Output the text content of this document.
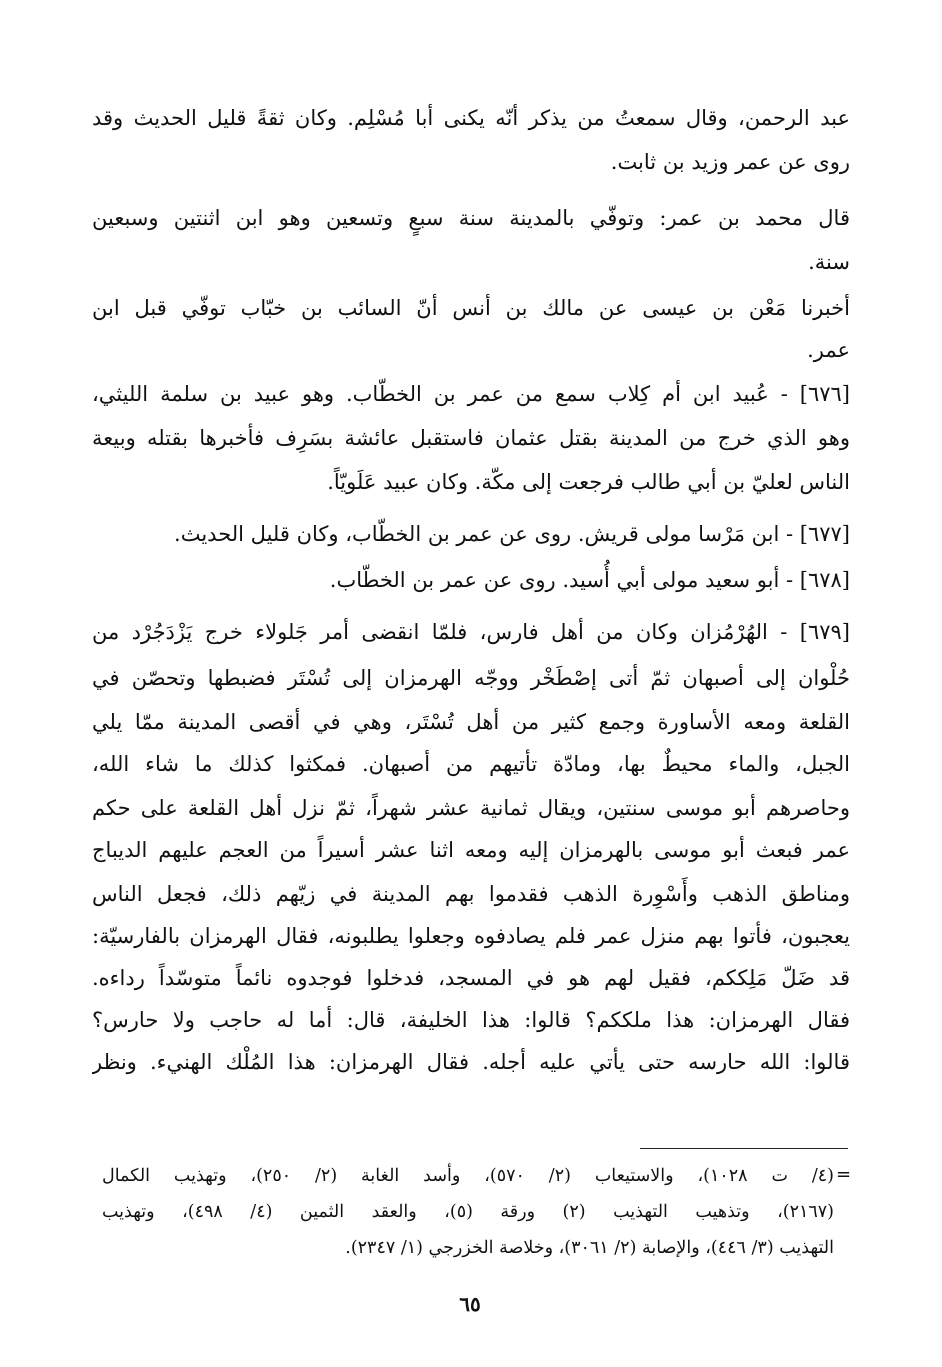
عبد الرحمن، وقال سمعتُ من يذكر أنّه يكنى أبا مُسْلِم. وكان ثقةً قليل الحديث وقد
روى عن عمر وزيد بن ثابت.
قال محمد بن عمر: وتوفّي بالمدينة سنة سبعٍ وتسعين وهو ابن اثنتين وسبعين
سنة.
أخبرنا مَعْن بن عيسى عن مالك بن أنس أنّ السائب بن خبّاب توفّي قبل ابن
عمر.
[٦٧٦] - عُبيد ابن أم كِلاب سمع من عمر بن الخطّاب. وهو عبيد بن سلمة الليثي،
وهو الذي خرج من المدينة بقتل عثمان فاستقبل عائشة بسَرِف فأخبرها بقتله وبيعة
الناس لعليّ بن أبي طالب فرجعت إلى مكّة. وكان عبيد عَلَويّاً.
[٦٧٧] - ابن مَرْسا مولى قريش. روى عن عمر بن الخطّاب، وكان قليل الحديث.
[٦٧٨] - أبو سعيد مولى أبي أُسيد. روى عن عمر بن الخطّاب.
[٦٧٩] - الهُرْمُزان وكان من أهل فارس، فلمّا انقضى أمر جَلولاء خرج يَزْدَجُرْد من
حُلْوان إلى أصبهان ثمّ أتى إصْطَخْر ووجّه الهرمزان إلى تُسْتَر فضبطها وتحصّن في
القلعة ومعه الأساورة وجمع كثير من أهل تُسْتَر، وهي في أقصى المدينة ممّا يلي
الجبل، والماء محيطٌ بها، ومادّة تأتيهم من أصبهان. فمكثوا كذلك ما شاء الله،
وحاصرهم أبو موسى سنتين، ويقال ثمانية عشر شهراً، ثمّ نزل أهل القلعة على حكم
عمر فبعث أبو موسى بالهرمزان إليه ومعه اثنا عشر أسيراً من العجم عليهم الديباج
ومناطق الذهب وأَسْوِرة الذهب فقدموا بهم المدينة في زيّهم ذلك، فجعل الناس
يعجبون، فأتوا بهم منزل عمر فلم يصادفوه وجعلوا يطلبونه، فقال الهرمزان بالفارسيّة:
قد ضَلّ مَلِككم، فقيل لهم هو في المسجد، فدخلوا فوجدوه نائماً متوسّداً رداءه.
فقال الهرمزان: هذا ملككم؟ قالوا: هذا الخليفة، قال: أما له حاجب ولا حارس؟
قالوا: الله حارسه حتى يأتي عليه أجله. فقال الهرمزان: هذا المُلْك الهنيء. ونظر
=
(٤/ ت ١٠٢٨)، والاستيعاب (٢/ ٥٧٠)، وأسد الغابة (٢/ ٢٥٠)، وتهذيب الكمال
(٢١٦٧)، وتذهيب التهذيب (٢) ورقة (٥)، والعقد الثمين (٤/ ٤٩٨)، وتهذيب
التهذيب (٣/ ٤٤٦)، والإصابة (٢/ ٣٠٦١)، وخلاصة الخزرجي (١/ ٢٣٤٧).
٦٥
